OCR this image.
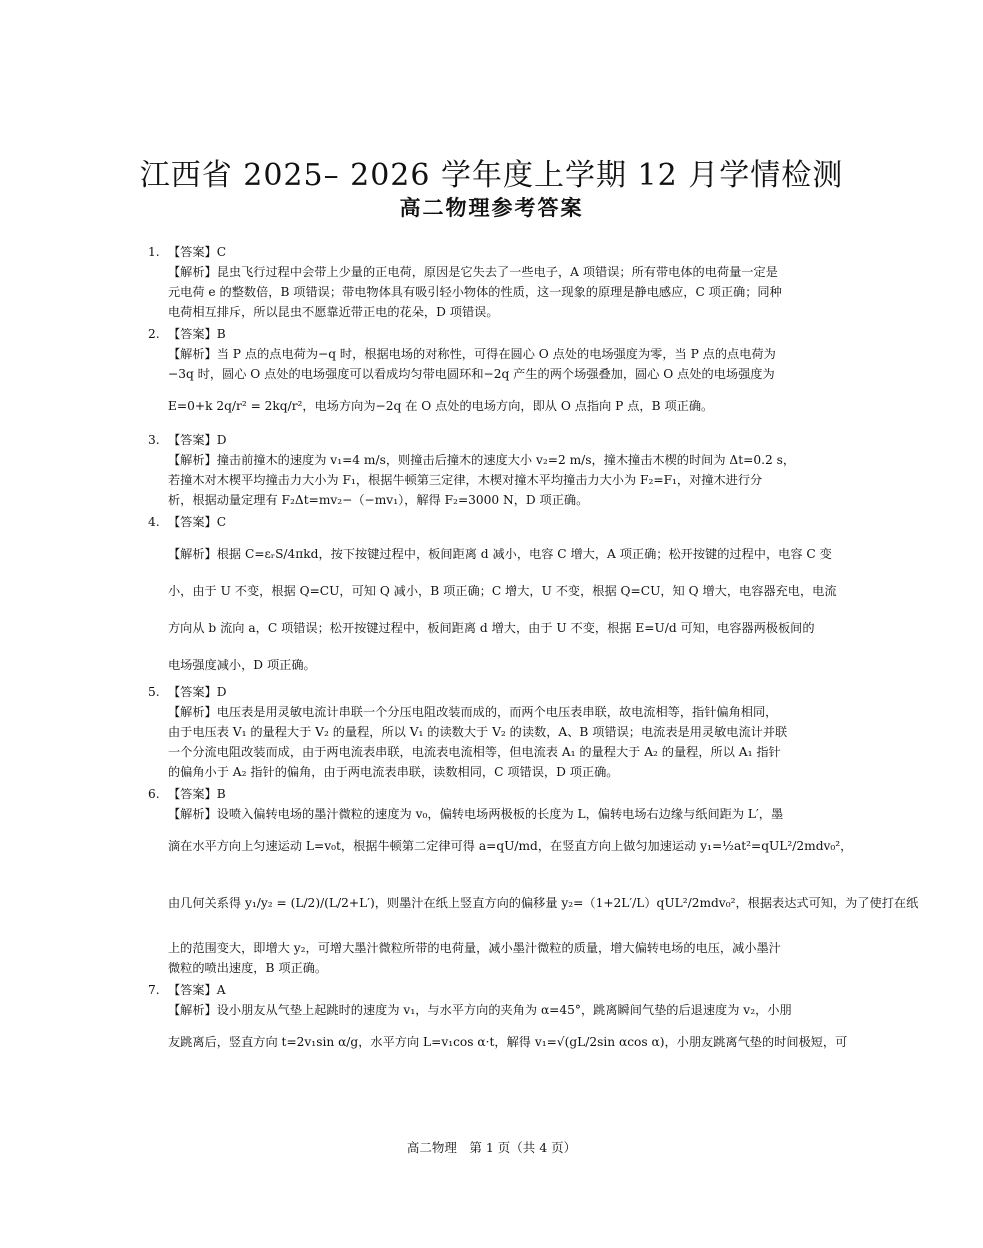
江西省 2025– 2026 学年度上学期 12 月学情检测
高二物理参考答案
1. 【答案】C
【解析】昆虫飞行过程中会带上少量的正电荷，原因是它失去了一些电子，A 项错误；所有带电体的电荷量一定是
元电荷 e 的整数倍，B 项错误；带电物体具有吸引轻小物体的性质，这一现象的原理是静电感应，C 项正确；同种
电荷相互排斥，所以昆虫不愿靠近带正电的花朵，D 项错误。
2. 【答案】B
【解析】当 P 点的点电荷为−q 时，根据电场的对称性，可得在圆心 O 点处的电场强度为零，当 P 点的点电荷为
−3q 时，圆心 O 点处的电场强度可以看成均匀带电圆环和−2q 产生的两个场强叠加，圆心 O 点处的电场强度为
E=0+k 2q/r² = 2kq/r²，电场方向为−2q 在 O 点处的电场方向，即从 O 点指向 P 点，B 项正确。
3. 【答案】D
【解析】撞击前撞木的速度为 v₁=4 m/s，则撞击后撞木的速度大小 v₂=2 m/s，撞木撞击木楔的时间为 Δt=0.2 s，
若撞木对木楔平均撞击力大小为 F₁，根据牛顿第三定律，木楔对撞木平均撞击力大小为 F₂=F₁，对撞木进行分
析，根据动量定理有 F₂Δt=mv₂−（−mv₁），解得 F₂=3000 N，D 项正确。
4. 【答案】C
【解析】根据 C=εᵣS/4πkd，按下按键过程中，板间距离 d 减小，电容 C 增大，A 项正确；松开按键的过程中，电容 C 变
小，由于 U 不变，根据 Q=CU，可知 Q 减小，B 项正确；C 增大，U 不变，根据 Q=CU，知 Q 增大，电容器充电，电流
方向从 b 流向 a，C 项错误；松开按键过程中，板间距离 d 增大，由于 U 不变，根据 E=U/d 可知，电容器两极板间的
电场强度减小，D 项正确。
5. 【答案】D
【解析】电压表是用灵敏电流计串联一个分压电阻改装而成的，而两个电压表串联，故电流相等，指针偏角相同，
由于电压表 V₁ 的量程大于 V₂ 的量程，所以 V₁ 的读数大于 V₂ 的读数，A、B 项错误；电流表是用灵敏电流计并联
一个分流电阻改装而成，由于两电流表串联，电流表电流相等，但电流表 A₁ 的量程大于 A₂ 的量程，所以 A₁ 指针
的偏角小于 A₂ 指针的偏角，由于两电流表串联，读数相同，C 项错误，D 项正确。
6. 【答案】B
【解析】设喷入偏转电场的墨汁微粒的速度为 v₀，偏转电场两极板的长度为 L，偏转电场右边缘与纸间距为 L′，墨
滴在水平方向上匀速运动 L=v₀t，根据牛顿第二定律可得 a=qU/md，在竖直方向上做匀加速运动 y₁=½at²=qUL²/2mdv₀²，
由几何关系得 y₁/y₂ = (L/2)/(L/2+L′)，则墨汁在纸上竖直方向的偏移量 y₂=（1+2L′/L）qUL²/2mdv₀²，根据表达式可知，为了使打在纸
上的范围变大，即增大 y₂，可增大墨汁微粒所带的电荷量，减小墨汁微粒的质量，增大偏转电场的电压，减小墨汁
微粒的喷出速度，B 项正确。
7. 【答案】A
【解析】设小朋友从气垫上起跳时的速度为 v₁，与水平方向的夹角为 α=45°，跳离瞬间气垫的后退速度为 v₂，小朋
友跳离后，竖直方向 t=2v₁sin α/g，水平方向 L=v₁cos α·t，解得 v₁=√(gL/2sin αcos α)，小朋友跳离气垫的时间极短，可
高二物理　第 1 页（共 4 页）
